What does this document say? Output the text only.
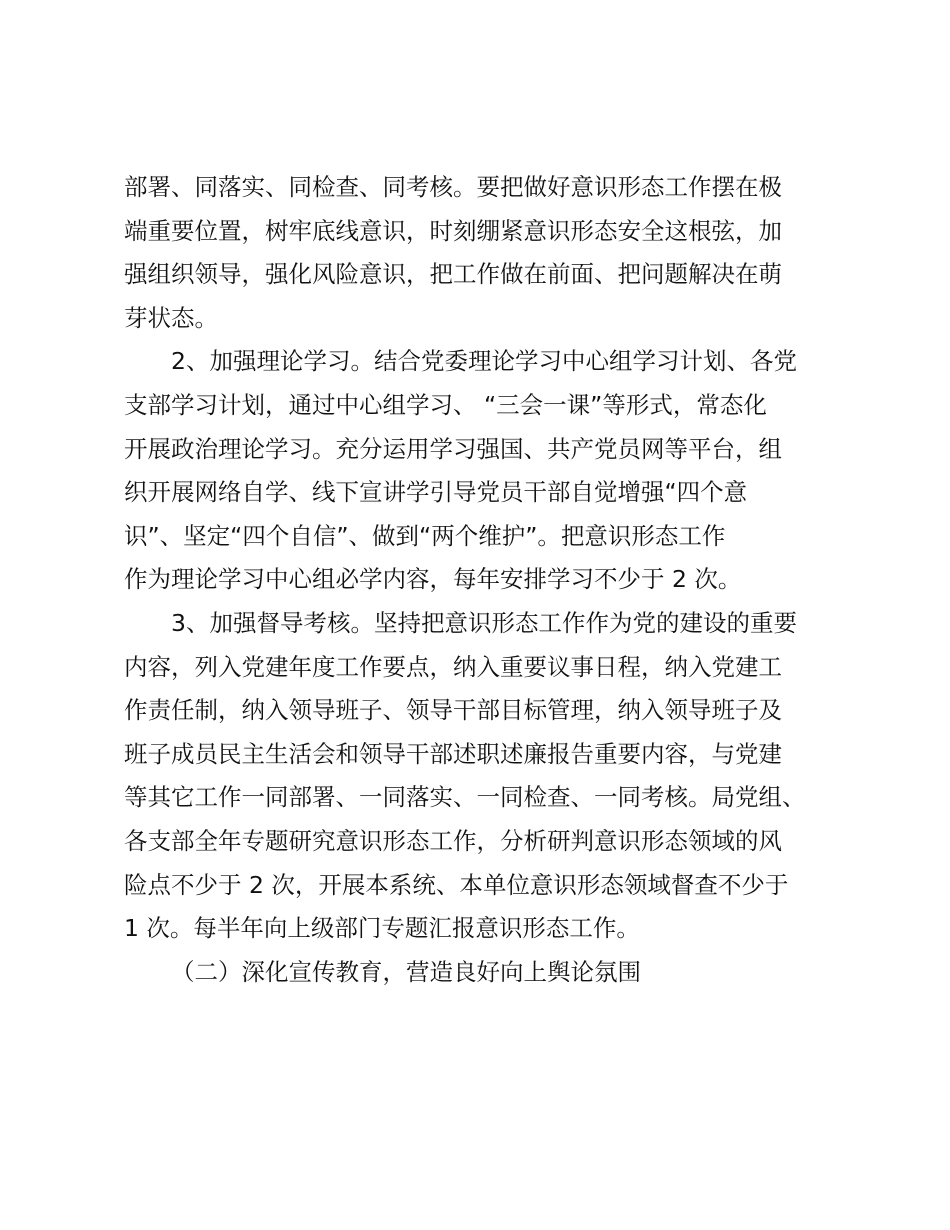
部署、同落实、同检查、同考核。要把做好意识形态工作摆在极
端重要位置，树牢底线意识，时刻绷紧意识形态安全这根弦，加
强组织领导，强化风险意识，把工作做在前面、把问题解决在萌
芽状态。
2、加强理论学习。结合党委理论学习中心组学习计划、各党
支部学习计划，通过中心组学习、 “三会一课”等形式，常态化
开展政治理论学习。充分运用学习强国、共产党员网等平台，组
织开展网络自学、线下宣讲学引导党员干部自觉增强“四个意
识”、坚定“四个自信”、做到“两个维护”。把意识形态工作
作为理论学习中心组必学内容，每年安排学习不少于 2 次。
3、加强督导考核。坚持把意识形态工作作为党的建设的重要
内容，列入党建年度工作要点，纳入重要议事日程，纳入党建工
作责任制，纳入领导班子、领导干部目标管理，纳入领导班子及
班子成员民主生活会和领导干部述职述廉报告重要内容，与党建
等其它工作一同部署、一同落实、一同检查、一同考核。局党组、
各支部全年专题研究意识形态工作，分析研判意识形态领域的风
险点不少于 2 次，开展本系统、本单位意识形态领域督查不少于
1 次。每半年向上级部门专题汇报意识形态工作。
（二）深化宣传教育，营造良好向上舆论氛围
